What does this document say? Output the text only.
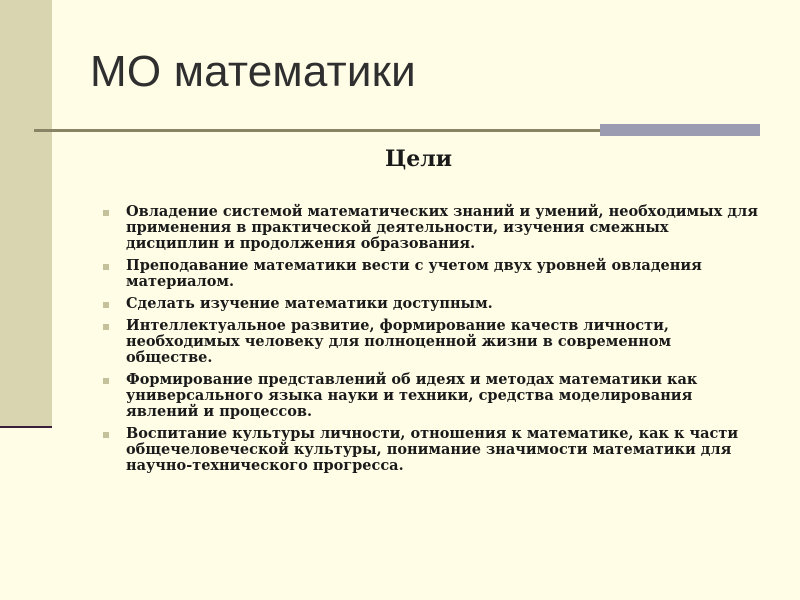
МО математики
Цели
Овладение системой математических знаний и умений, необходимых для применения в практической деятельности, изучения смежных дисциплин и продолжения образования.
Преподавание математики вести с учетом двух уровней овладения материалом.
Сделать изучение математики доступным.
Интеллектуальное развитие, формирование качеств личности, необходимых человеку для полноценной жизни в современном обществе.
Формирование представлений об идеях и методах математики как универсального языка науки и техники, средства моделирования явлений и процессов.
Воспитание культуры личности, отношения к математике, как к части общечеловеческой культуры, понимание значимости математики для научно-технического прогресса.
